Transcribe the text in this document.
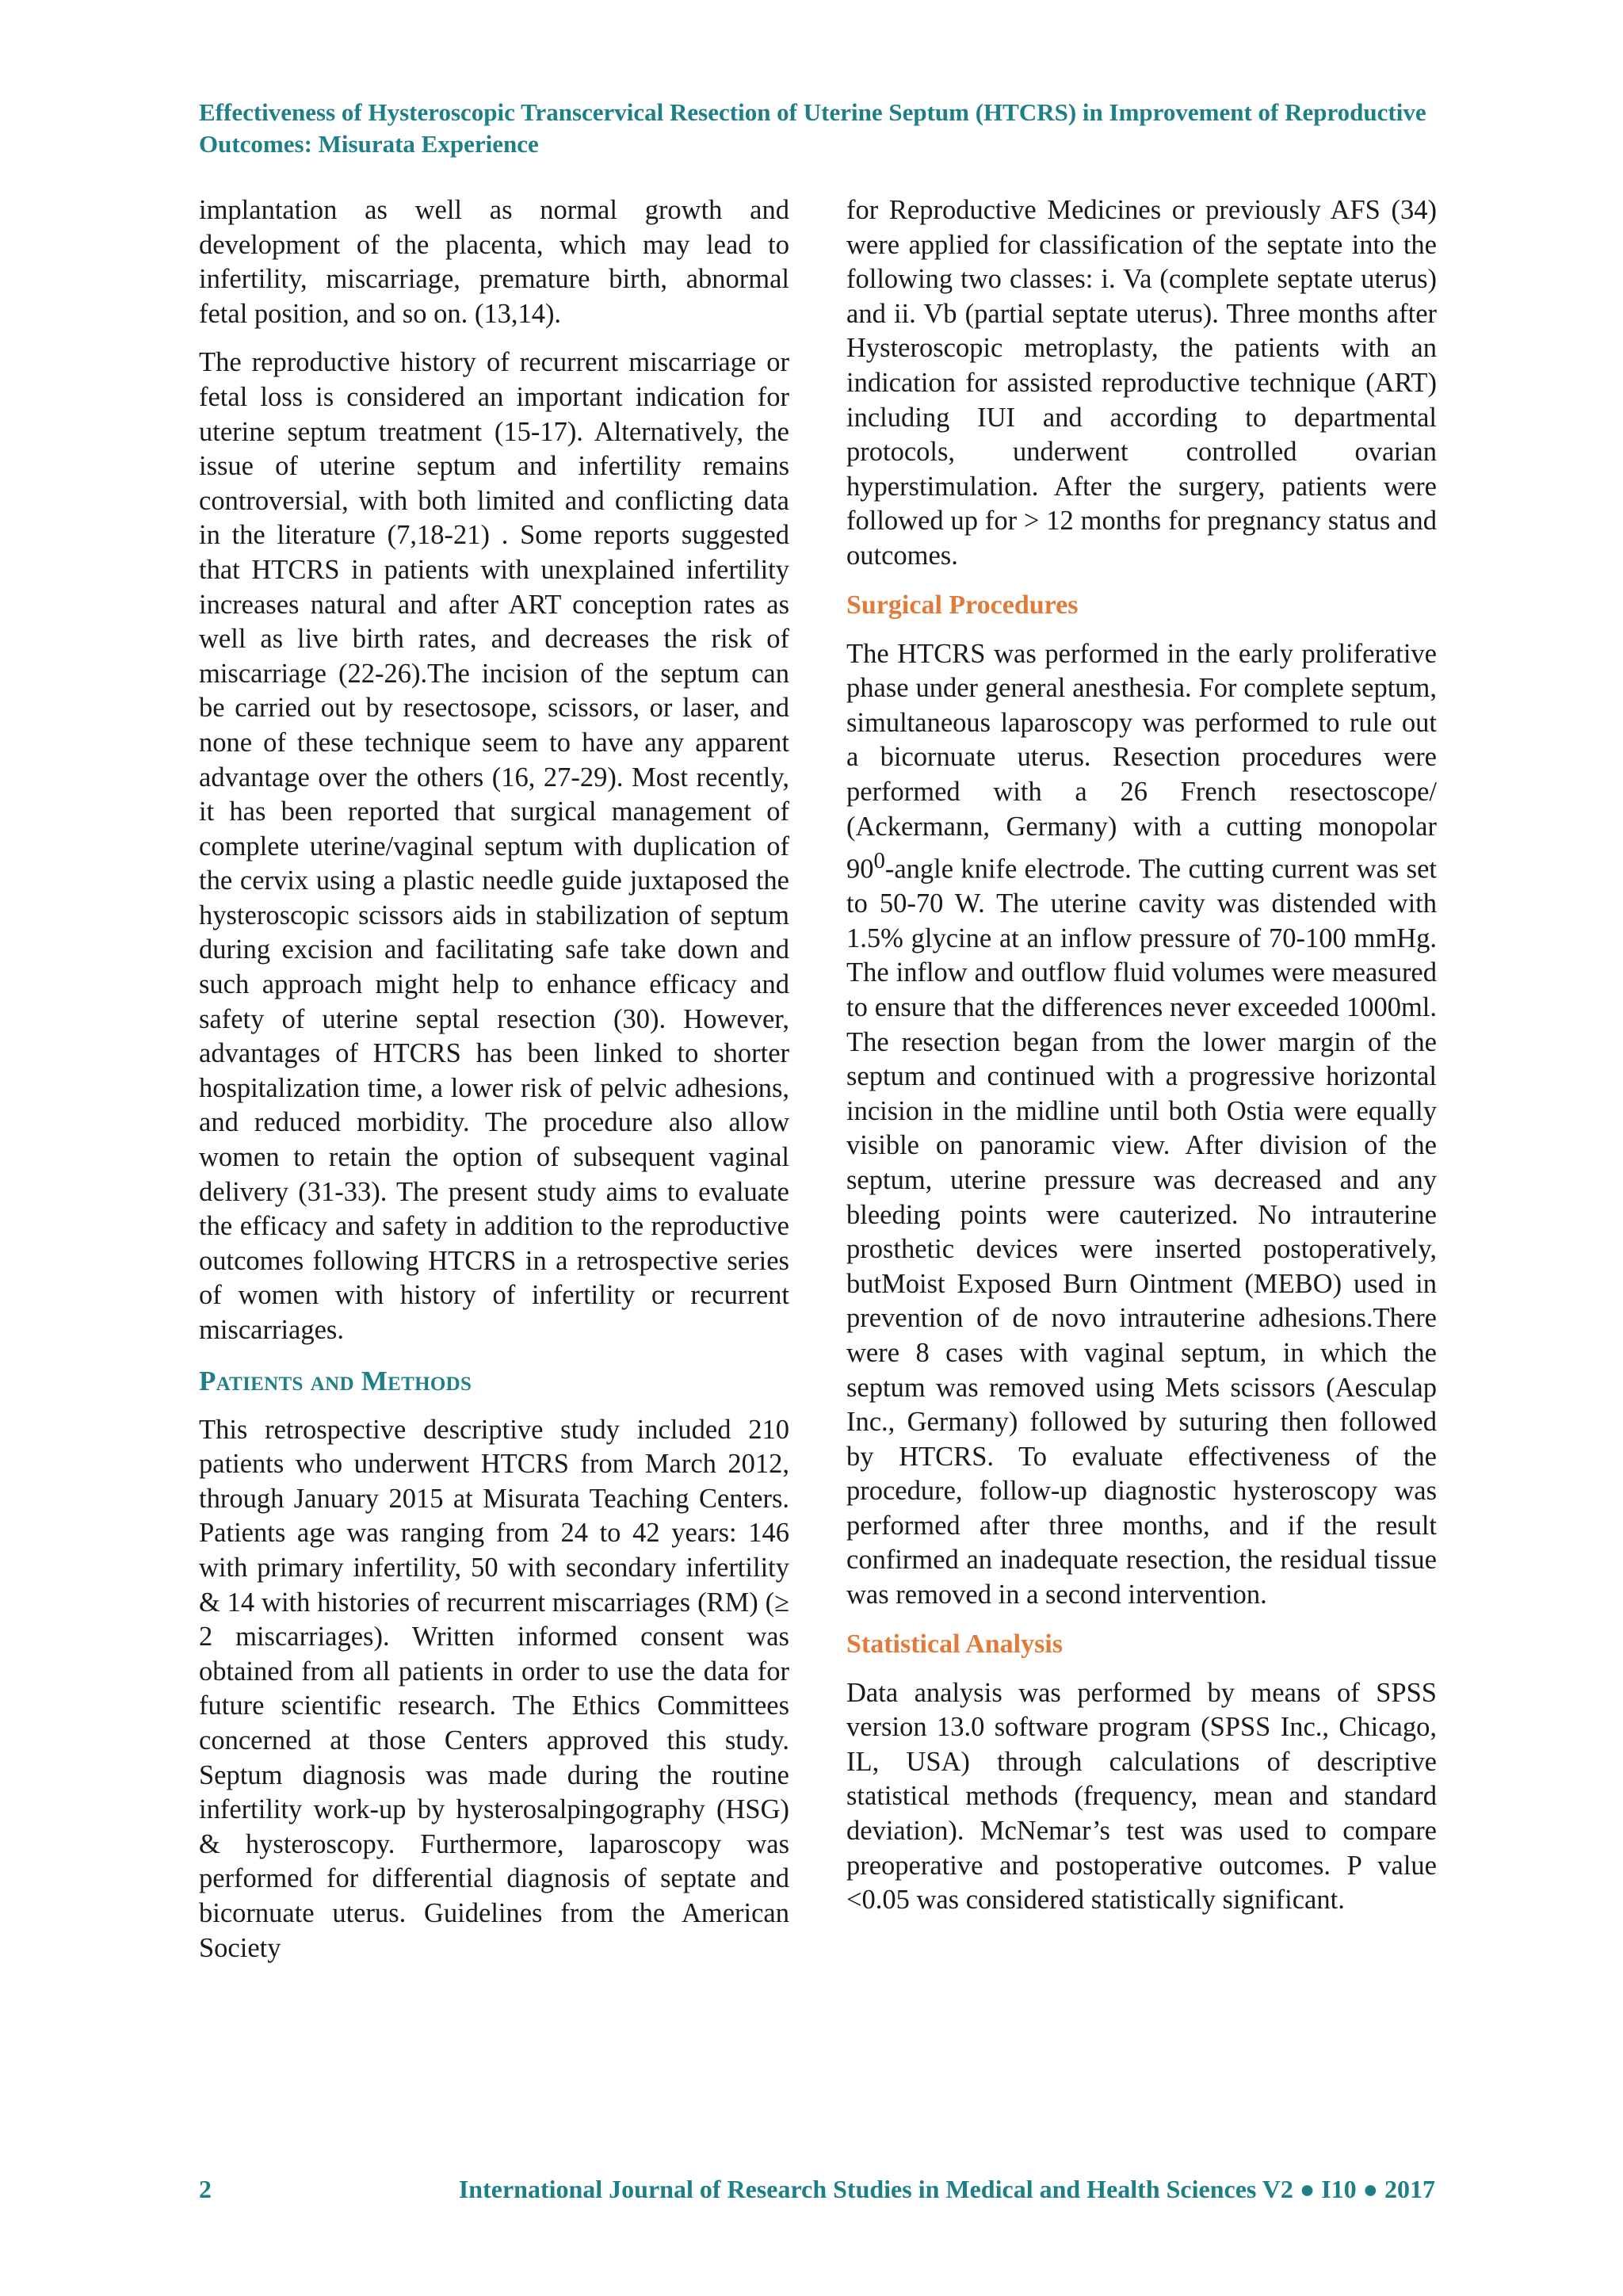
Effectiveness of Hysteroscopic Transcervical Resection of Uterine Septum (HTCRS) in Improvement of Reproductive Outcomes: Misurata Experience

implantation as well as normal growth and development of the placenta, which may lead to infertility, miscarriage, premature birth, abnormal fetal position, and so on. (13,14).

The reproductive history of recurrent miscarriage or fetal loss is considered an important indication for uterine septum treatment (15-17). Alternatively, the issue of uterine septum and infertility remains controversial, with both limited and conflicting data in the literature (7,18-21) . Some reports suggested that HTCRS in patients with unexplained infertility increases natural and after ART conception rates as well as live birth rates, and decreases the risk of miscarriage (22-26).The incision of the septum can be carried out by resectosope, scissors, or laser, and none of these technique seem to have any apparent advantage over the others (16, 27-29). Most recently, it has been reported that surgical management of complete uterine/vaginal septum with duplication of the cervix using a plastic needle guide juxtaposed the hysteroscopic scissors aids in stabilization of septum during excision and facilitating safe take down and such approach might help to enhance efficacy and safety of uterine septal resection (30). However, advantages of HTCRS has been linked to shorter hospitalization time, a lower risk of pelvic adhesions, and reduced morbidity. The procedure also allow women to retain the option of subsequent vaginal delivery (31-33). The present study aims to evaluate the efficacy and safety in addition to the reproductive outcomes following HTCRS in a retrospective series of women with history of infertility or recurrent miscarriages.

Patients and Methods

This retrospective descriptive study included 210 patients who underwent HTCRS from March 2012, through January 2015 at Misurata Teaching Centers. Patients age was ranging from 24 to 42 years: 146 with primary infertility, 50 with secondary infertility & 14 with histories of recurrent miscarriages (RM) (≥ 2 miscarriages). Written informed consent was obtained from all patients in order to use the data for future scientific research. The Ethics Committees concerned at those Centers approved this study. Septum diagnosis was made during the routine infertility work-up by hysterosalpingography (HSG) & hysteroscopy. Furthermore, laparoscopy was performed for differential diagnosis of septate and bicornuate uterus. Guidelines from the American Society

for Reproductive Medicines or previously AFS (34) were applied for classification of the septate into the following two classes: i. Va (complete septate uterus) and ii. Vb (partial septate uterus). Three months after Hysteroscopic metroplasty, the patients with an indication for assisted reproductive technique (ART) including IUI and according to departmental protocols, underwent controlled ovarian hyperstimulation. After the surgery, patients were followed up for > 12 months for pregnancy status and outcomes.

Surgical Procedures

The HTCRS was performed in the early proliferative phase under general anesthesia. For complete septum, simultaneous laparoscopy was performed to rule out a bicornuate uterus. Resection procedures were performed with a 26 French resectoscope/ (Ackermann, Germany) with a cutting monopolar $90^0$-angle knife electrode. The cutting current was set to 50-70 W. The uterine cavity was distended with 1.5% glycine at an inflow pressure of 70-100 mmHg. The inflow and outflow fluid volumes were measured to ensure that the differences never exceeded 1000ml. The resection began from the lower margin of the septum and continued with a progressive horizontal incision in the midline until both Ostia were equally visible on panoramic view. After division of the septum, uterine pressure was decreased and any bleeding points were cauterized. No intrauterine prosthetic devices were inserted postoperatively, butMoist Exposed Burn Ointment (MEBO) used in prevention of de novo intrauterine adhesions.There were 8 cases with vaginal septum, in which the septum was removed using Mets scissors (Aesculap Inc., Germany) followed by suturing then followed by HTCRS. To evaluate effectiveness of the procedure, follow-up diagnostic hysteroscopy was performed after three months, and if the result confirmed an inadequate resection, the residual tissue was removed in a second intervention.

Statistical Analysis

Data analysis was performed by means of SPSS version 13.0 software program (SPSS Inc., Chicago, IL, USA) through calculations of descriptive statistical methods (frequency, mean and standard deviation). McNemar’s test was used to compare preoperative and postoperative outcomes. P value <0.05 was considered statistically significant.

2	International Journal of Research Studies in Medical and Health Sciences V2 ● I10 ● 2017
